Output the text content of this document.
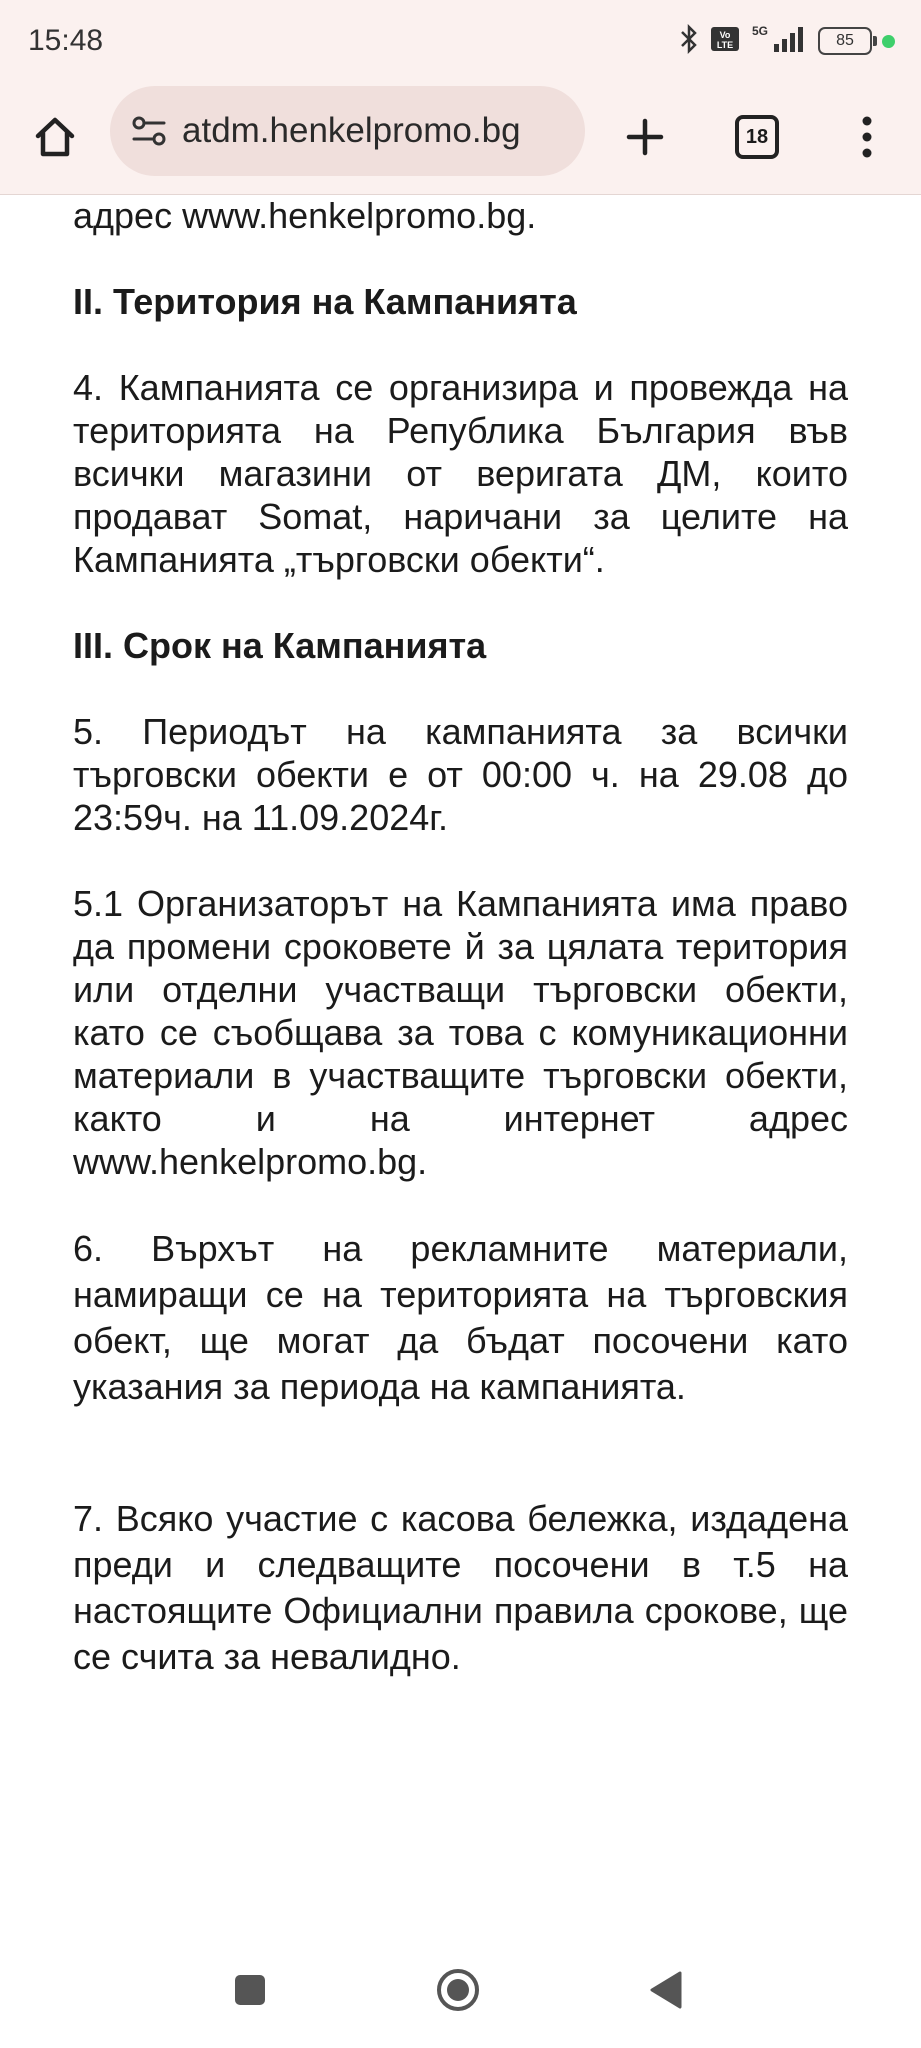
15:48	Vo
LTE
5G
85
atdm.henkelpromo.bg	18

адрес www.henkelpromo.bg.

II. Територия на Кампанията

4. Кампанията се организира и провежда на територията на Република България във всички магазини от веригата ДМ, които продават Somat, наричани за целите на Кампанията „търговски обекти“.

III. Срок на Кампанията

5. Периодът на кампанията за всички търговски обекти е от 00:00 ч. на 29.08 до 23:59ч. на 11.09.2024г.

5.1 Организаторът на Кампанията има право да промени сроковете й за цялата територия или отделни участващи търговски обекти, като се съобщава за това с комуникационни материали в участващите търговски обекти, както и на интернет адрес www.henkelpromo.bg.

6. Върхът на рекламните материали, намиращи се на територията на търговския обект, ще могат да бъдат посочени като указания за периода на кампанията.

7. Всяко участие с касова бележка, издадена преди и следващите посочени в т.5 на настоящите Официални правила срокове, ще се счита за невалидно.
